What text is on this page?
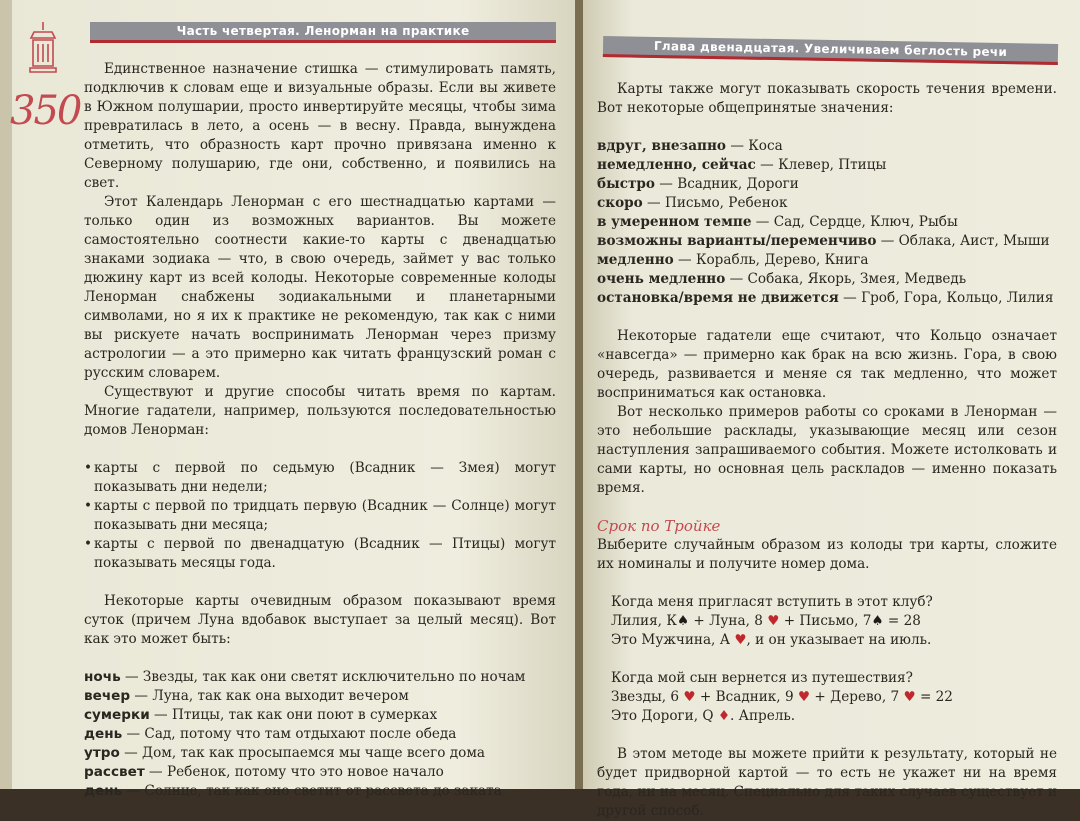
Часть четвертая. Ленорман на практике
350

Единственное назначение стишка — стимулировать память, подключив к словам еще и визуальные образы. Если вы живете в Южном полушарии, просто инвертируйте месяцы, чтобы зима превратилась в лето, а осень — в весну. Правда, вынуждена отметить, что образность карт прочно привязана именно к Северному полушарию, где они, собственно, и появились на свет.

Этот Календарь Ленорман с его шестнадцатью картами — только один из возможных вариантов. Вы можете самостоятельно соотнести какие-то карты с двенадцатью знаками зодиака — что, в свою очередь, займет у вас только дюжину карт из всей колоды. Некоторые современные колоды Ленорман снабжены зодиакальными и планетарными символами, но я их к практике не рекомендую, так как с ними вы рискуете начать воспринимать Ленорман через призму астрологии — а это примерно как читать французский роман с русским словарем.

Существуют и другие способы читать время по картам. Многие гадатели, например, пользуются последовательностью домов Ленорман:

• карты с первой по седьмую (Всадник — Змея) могут показывать дни недели;
• карты с первой по тридцать первую (Всадник — Солнце) могут показывать дни месяца;
• карты с первой по двенадцатую (Всадник — Птицы) могут показывать месяцы года.

Некоторые карты очевидным образом показывают время суток (причем Луна вдобавок выступает за целый месяц). Вот как это может быть:

ночь — Звезды, так как они светят исключительно по ночам

вечер — Луна, так как она выходит вечером

сумерки — Птицы, так как они поют в сумерках

день — Сад, потому что там отдыхают после обеда

утро — Дом, так как просыпаемся мы чаще всего дома

рассвет — Ребенок, потому что это новое начало

день — Солнце, так как оно светит от рассвета до заката

Глава двенадцатая. Увеличиваем беглость речи

Карты также могут показывать скорость течения времени. Вот некоторые общепринятые значения:

вдруг, внезапно — Коса

немедленно, сейчас — Клевер, Птицы

быстро — Всадник, Дороги

скоро — Письмо, Ребенок

в умеренном темпе — Сад, Сердце, Ключ, Рыбы

возможны варианты/переменчиво — Облака, Аист, Мыши

медленно — Корабль, Дерево, Книга

очень медленно — Собака, Якорь, Змея, Медведь

остановка/время не движется — Гроб, Гора, Кольцо, Лилия

Некоторые гадатели еще считают, что Кольцо означает «навсегда» — примерно как брак на всю жизнь. Гора, в свою очередь, развивается и меняе ся так медленно, что может восприниматься как остановка.

Вот несколько примеров работы со сроками в Ленорман — это небольшие расклады, указывающие месяц или сезон наступления запрашиваемого события. Можете истолковать и сами карты, но основная цель раскладов — именно показать время.

Срок по Тройке

Выберите случайным образом из колоды три карты, сложите их номиналы и получите номер дома.

Когда меня пригласят вступить в этот клуб?

Лилия, К♠ + Луна, 8 ♥ + Письмо, 7♠ = 28

Это Мужчина, А ♥, и он указывает на июль.

Когда мой сын вернется из путешествия?

Звезды, 6 ♥ + Всадник, 9 ♥ + Дерево, 7 ♥ = 22

Это Дороги, Q ♦. Апрель.

В этом методе вы можете прийти к результату, который не будет придворной картой — то есть не укажет ни на время года, ни на месяц. Специально для таких случаев существует и другой способ.
